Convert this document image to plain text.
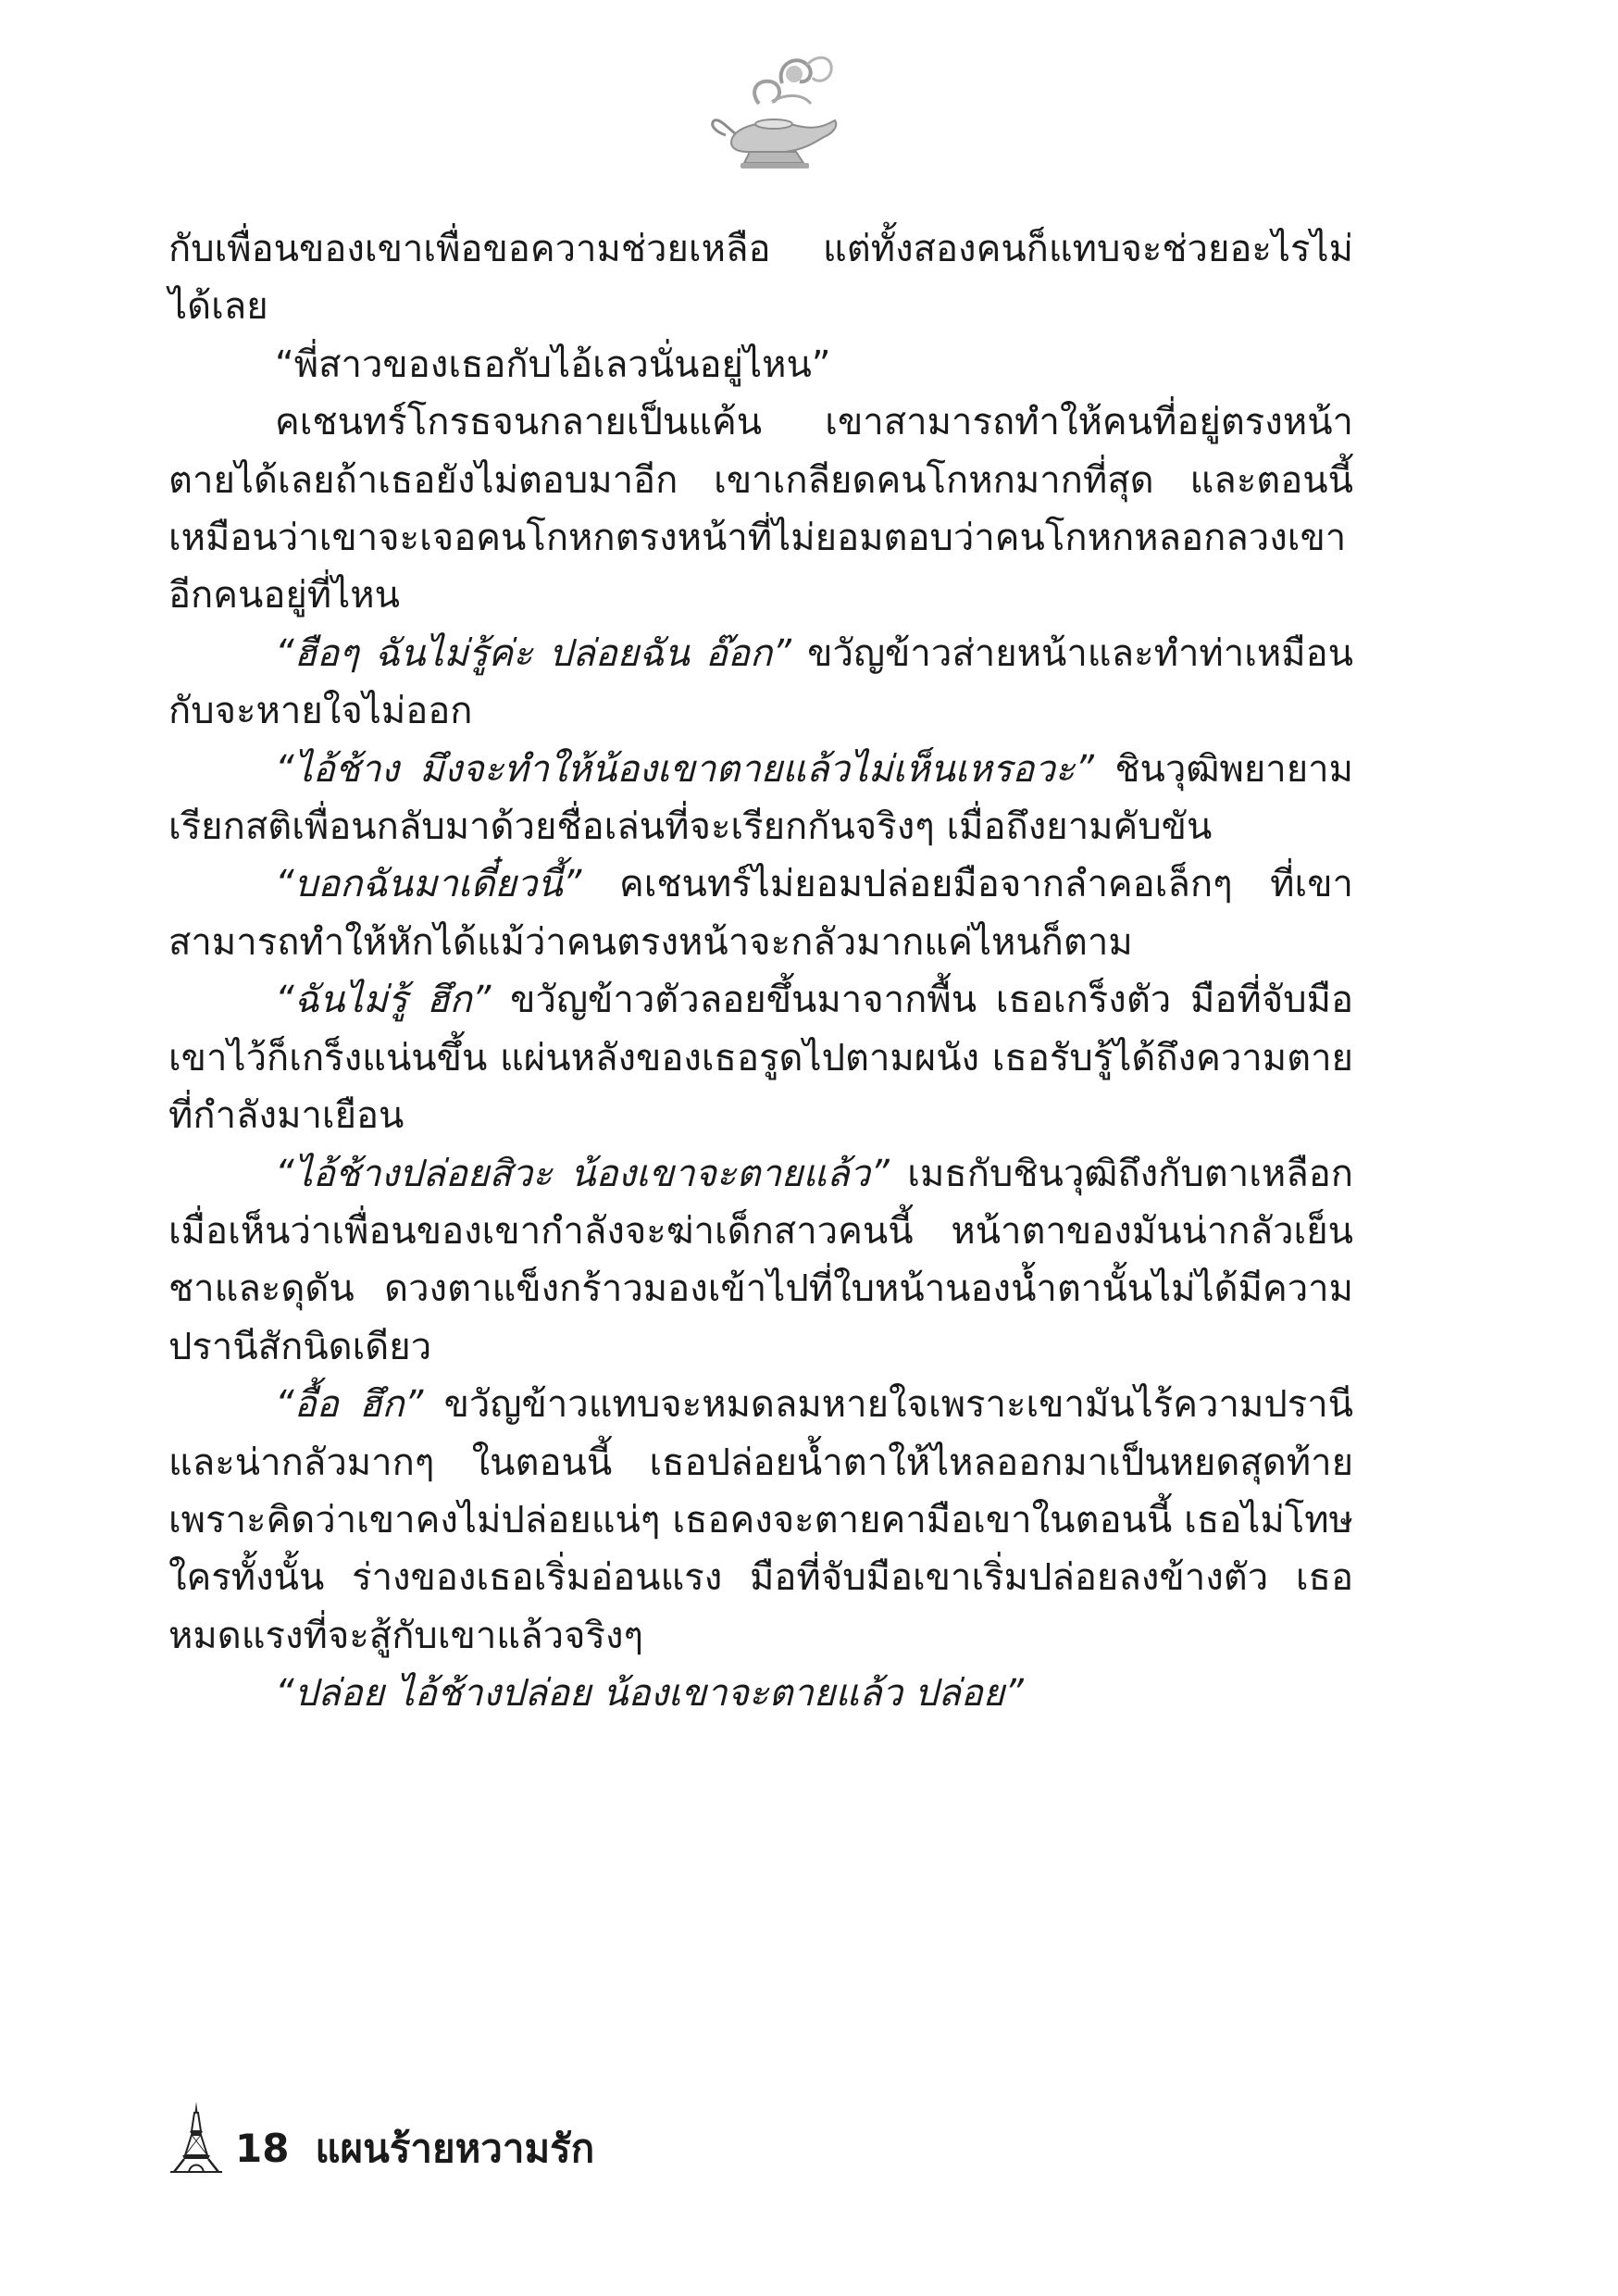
กับเพื่อนของเขาเพื่อขอความช่วยเหลือ แต่ทั้งสองคนก็แทบจะช่วยอะไรไม่ได้เลย

“พี่สาวของเธอกับไอ้เลวนั่นอยู่ไหน”

คเชนทร์โกรธจนกลายเป็นแค้น เขาสามารถทำให้คนที่อยู่ตรงหน้าตายได้เลยถ้าเธอยังไม่ตอบมาอีก เขาเกลียดคนโกหกมากที่สุด และตอนนี้เหมือนว่าเขาจะเจอคนโกหกตรงหน้าที่ไม่ยอมตอบว่าคนโกหกหลอกลวงเขาอีกคนอยู่ที่ไหน

“ฮือๆ ฉันไม่รู้ค่ะ ปล่อยฉัน อ๊อก” ขวัญข้าวส่ายหน้าและทำท่าเหมือนกับจะหายใจไม่ออก

“ไอ้ช้าง มึงจะทำให้น้องเขาตายแล้วไม่เห็นเหรอวะ” ชินวุฒิพยายามเรียกสติเพื่อนกลับมาด้วยชื่อเล่นที่จะเรียกกันจริงๆ เมื่อถึงยามคับขัน

“บอกฉันมาเดี๋ยวนี้” คเชนทร์ไม่ยอมปล่อยมือจากลำคอเล็กๆ ที่เขาสามารถทำให้หักได้แม้ว่าคนตรงหน้าจะกลัวมากแค่ไหนก็ตาม

“ฉันไม่รู้ ฮึก” ขวัญข้าวตัวลอยขึ้นมาจากพื้น เธอเกร็งตัว มือที่จับมือเขาไว้ก็เกร็งแน่นขึ้น แผ่นหลังของเธอรูดไปตามผนัง เธอรับรู้ได้ถึงความตายที่กำลังมาเยือน

“ไอ้ช้างปล่อยสิวะ น้องเขาจะตายแล้ว” เมธกับชินวุฒิถึงกับตาเหลือกเมื่อเห็นว่าเพื่อนของเขากำลังจะฆ่าเด็กสาวคนนี้ หน้าตาของมันน่ากลัวเย็นชาและดุดัน ดวงตาแข็งกร้าวมองเข้าไปที่ใบหน้านองน้ำตานั้นไม่ได้มีความปรานีสักนิดเดียว

“อื้อ ฮึก” ขวัญข้าวแทบจะหมดลมหายใจเพราะเขามันไร้ความปรานีและน่ากลัวมากๆ ในตอนนี้ เธอปล่อยน้ำตาให้ไหลออกมาเป็นหยดสุดท้ายเพราะคิดว่าเขาคงไม่ปล่อยแน่ๆ เธอคงจะตายคามือเขาในตอนนี้ เธอไม่โทษใครทั้งนั้น ร่างของเธอเริ่มอ่อนแรง มือที่จับมือเขาเริ่มปล่อยลงข้างตัว เธอหมดแรงที่จะสู้กับเขาแล้วจริงๆ

“ปล่อย ไอ้ช้างปล่อย น้องเขาจะตายแล้ว ปล่อย”

18 แผนร้ายหวามรัก
